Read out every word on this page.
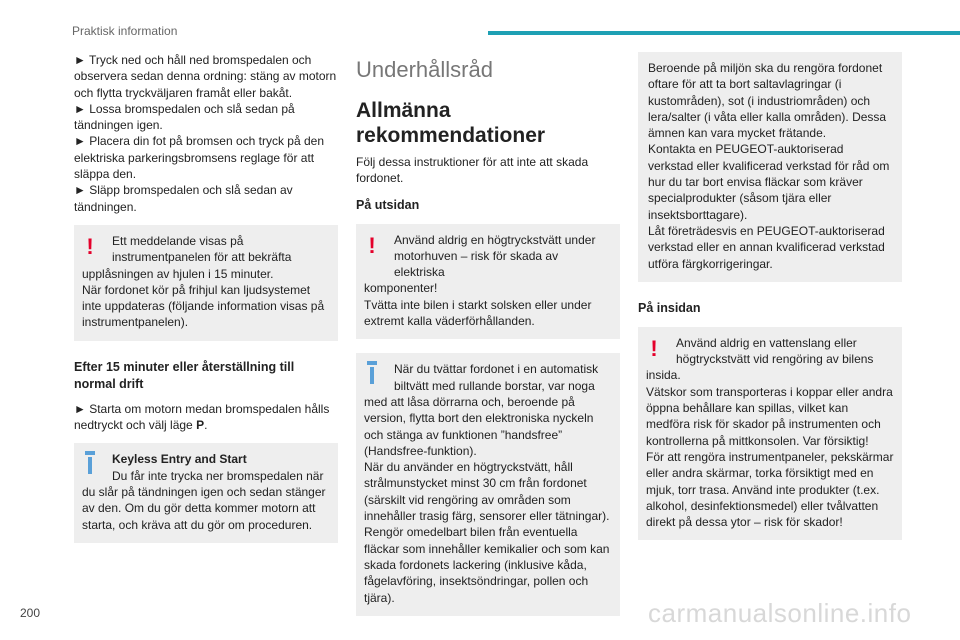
Praktisk information

► Tryck ned och håll ned bromspedalen och observera sedan denna ordning: stäng av motorn och flytta tryckväljaren framåt eller bakåt.

► Lossa bromspedalen och slå sedan på tändningen igen.

► Placera din fot på bromsen och tryck på den elektriska parkeringsbromsens reglage för att släppa den.

► Släpp bromspedalen och slå sedan av tändningen.

!	Ett meddelande visas på instrumentpanelen för att bekräfta

upplåsningen av hjulen i 15 minuter.

När fordonet kör på frihjul kan ljudsystemet inte uppdateras (följande information visas på instrumentpanelen).

Efter 15 minuter eller återställning till normal drift

► Starta om motorn medan bromspedalen hålls nedtryckt och välj läge P.

Keyless Entry and Start

Du får inte trycka ner bromspedalen när

du slår på tändningen igen och sedan stänger av den. Om du gör detta kommer motorn att starta, och kräva att du gör om proceduren.

Underhållsråd
Allmänna rekommendationer

Följ dessa instruktioner för att inte att skada fordonet.

På utsidan
!	Använd aldrig en högtryckstvätt under motorhuven – risk för skada av elektriska

komponenter!

Tvätta inte bilen i starkt solsken eller under extremt kalla väderförhållanden.

När du tvättar fordonet i en automatisk biltvätt med rullande borstar, var noga

med att låsa dörrarna och, beroende på version, flytta bort den elektroniska nyckeln och stänga av funktionen ”handsfree” (Handsfree-funktion).

När du använder en högtryckstvätt, håll strålmunstycket minst 30 cm från fordonet (särskilt vid rengöring av områden som innehåller trasig färg, sensorer eller tätningar).

Rengör omedelbart bilen från eventuella fläckar som innehåller kemikalier och som kan skada fordonets lackering (inklusive kåda, fågelavföring, insektsöndringar, pollen och tjära).

Beroende på miljön ska du rengöra fordonet oftare för att ta bort saltavlagringar (i kustområden), sot (i industriområden) och lera/salter (i våta eller kalla områden). Dessa ämnen kan vara mycket frätande.

Kontakta en PEUGEOT-auktoriserad verkstad eller kvalificerad verkstad för råd om hur du tar bort envisa fläckar som kräver specialprodukter (såsom tjära eller insektsborttagare).

Låt företrädesvis en PEUGEOT-auktoriserad verkstad eller en annan kvalificerad verkstad utföra färgkorrigeringar.

På insidan
!	Använd aldrig en vattenslang eller högtryckstvätt vid rengöring av bilens

insida.

Vätskor som transporteras i koppar eller andra öppna behållare kan spillas, vilket kan medföra risk för skador på instrumenten och kontrollerna på mittkonsolen. Var försiktig!

För att rengöra instrumentpaneler, pekskärmar eller andra skärmar, torka försiktigt med en mjuk, torr trasa. Använd inte produkter (t.ex. alkohol, desinfektionsmedel) eller tvålvatten direkt på dessa ytor – risk för skador!

200	carmanualsonline.info
